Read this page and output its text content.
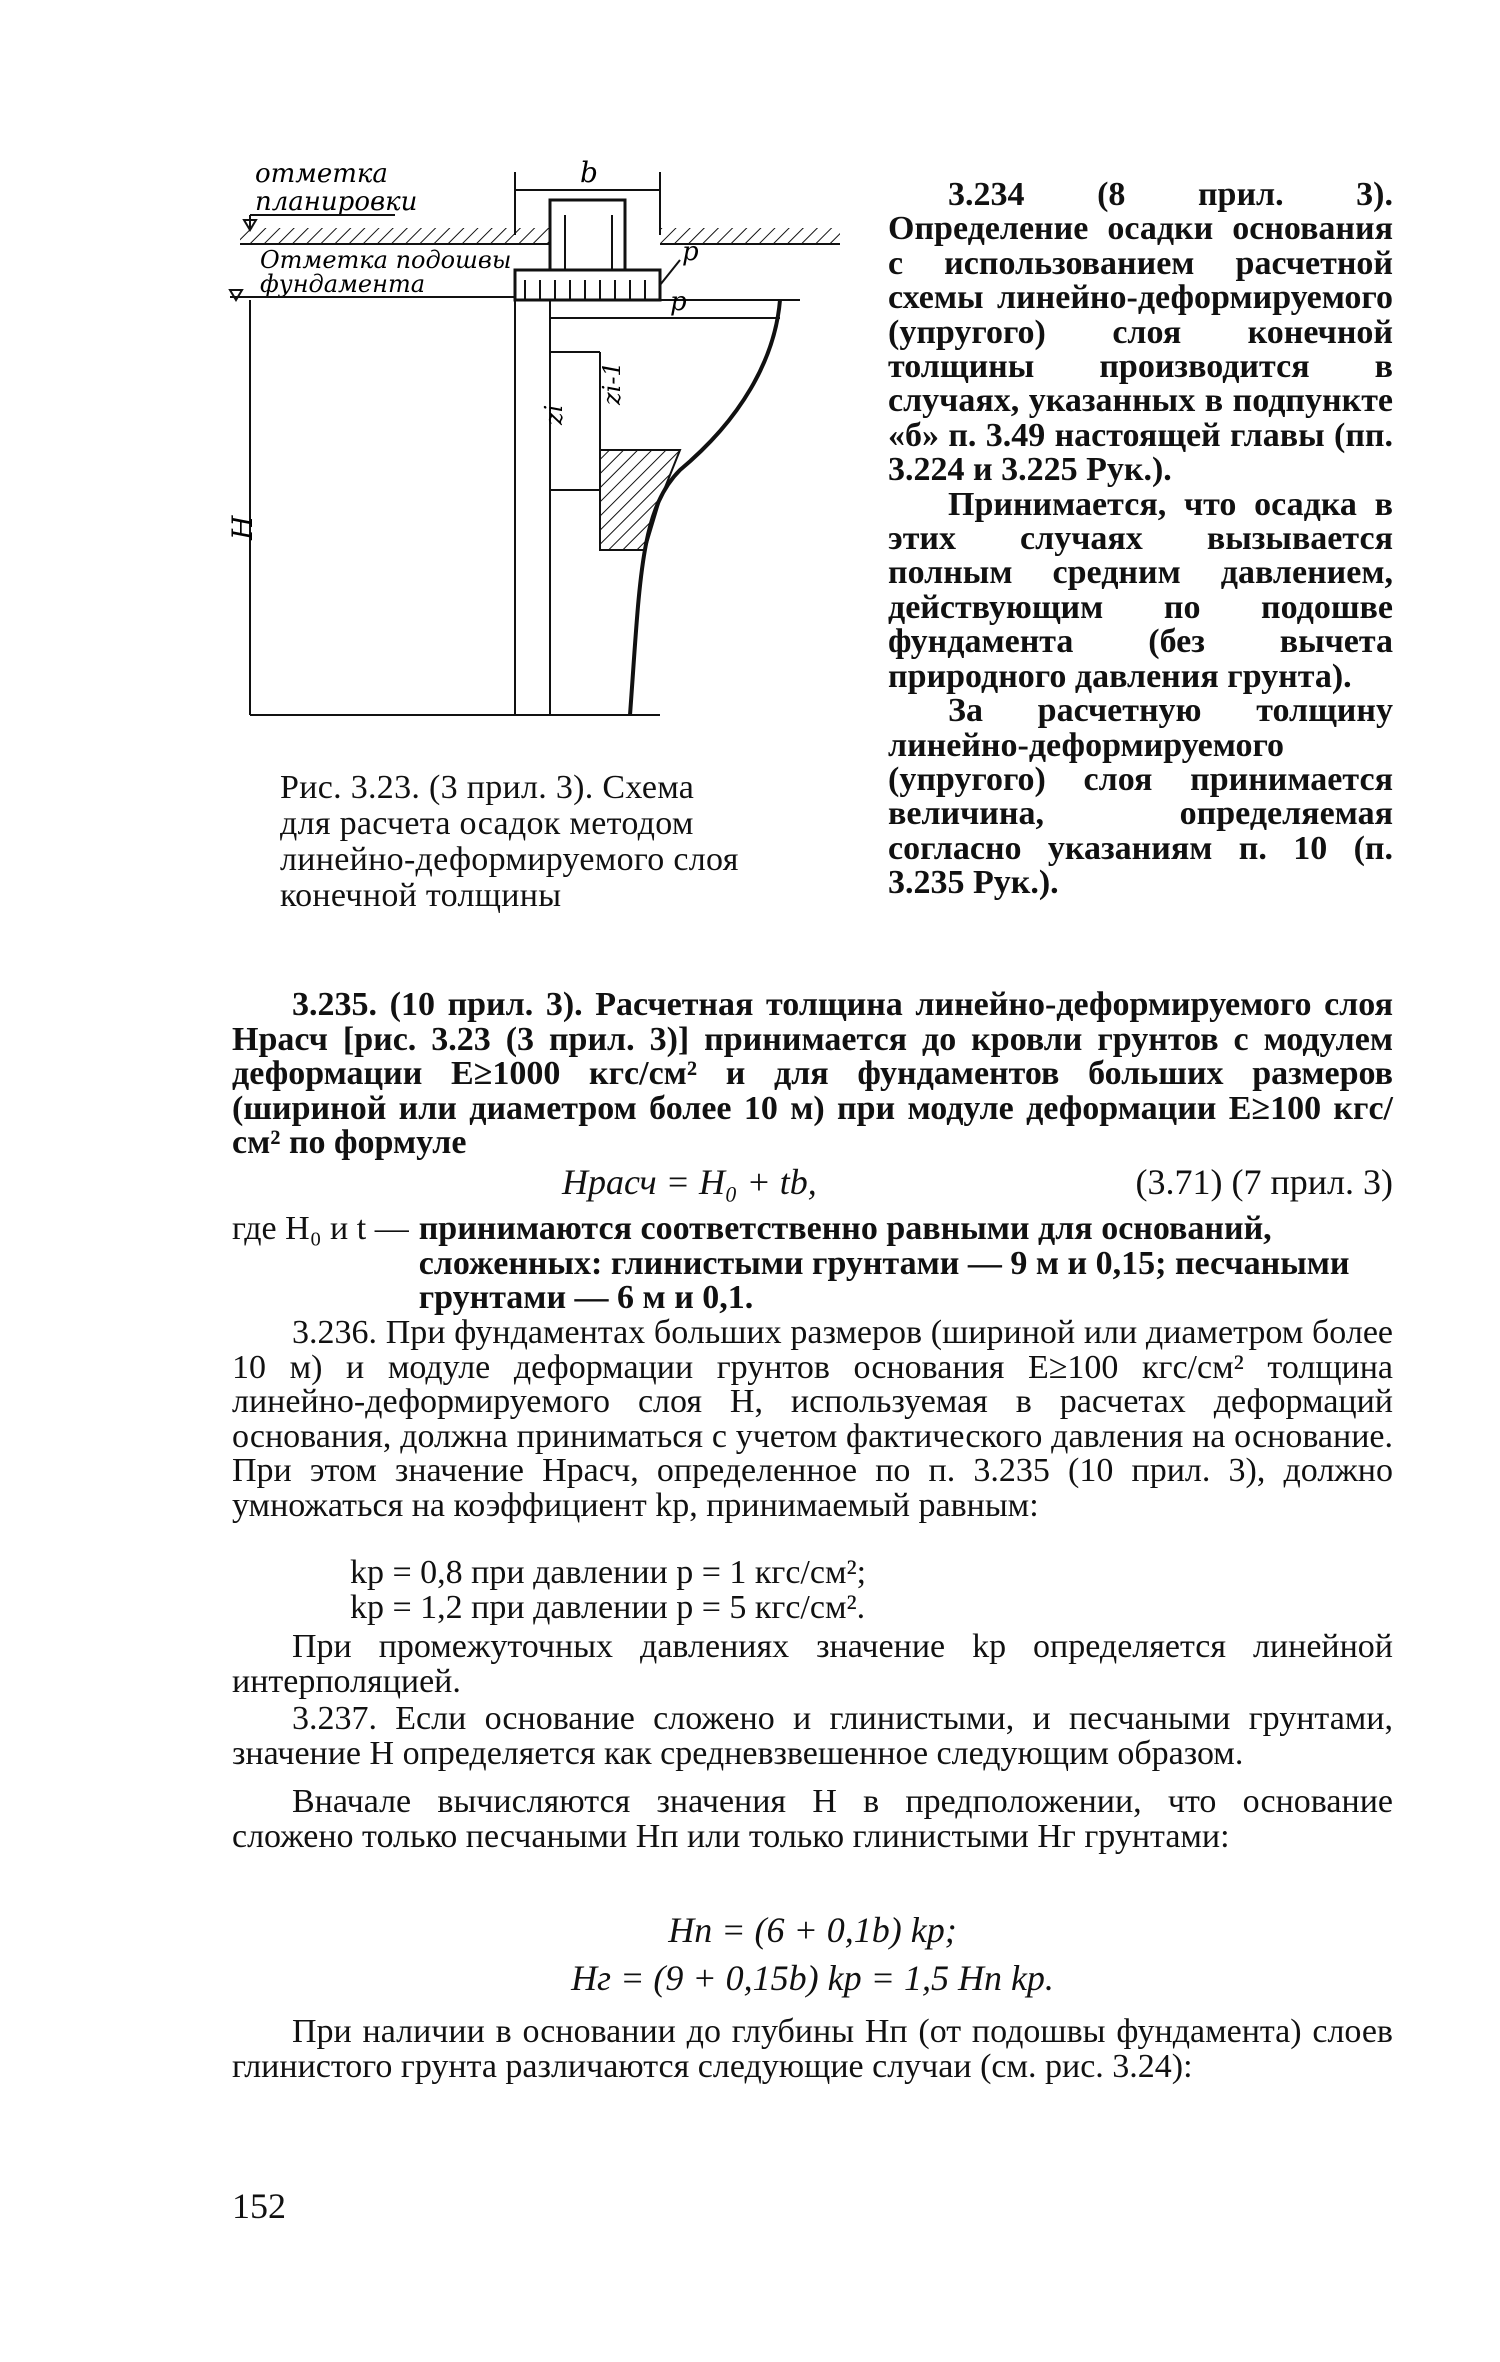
отметка
планировки
Отметка подошвы
фундамента
b
p
H
zi-1
zi
p
Рис. 3.23. (3 прил. 3). Схема
для расчета осадок методом
линейно-деформируемого слоя
конечной толщины

3.234 (8 прил. 3). Определение осадки основания с использованием расчетной схемы линейно-деформируемого (упругого) слоя конечной толщины производится в случаях, указанных в подпункте «б» п. 3.49 настоящей главы (пп. 3.224 и 3.225 Рук.).

Принимается, что осадка в этих случаях вызывается полным средним давлением, действующим по подошве фундамента (без вычета природного давления грунта).

За расчетную толщину линейно-деформируемого (упругого) слоя принимается величина, определяемая согласно указаниям п. 10 (п. 3.235 Рук.).

3.235. (10 прил. 3). Расчетная толщина линейно-деформируемого слоя Hрасч [рис. 3.23 (3 прил. 3)] принимается до кровли грунтов с модулем деформации E≥1000 кгс/см² и для фундаментов больших размеров (шириной или диаметром более 10 м) при модуле деформации E≥100 кгс/см² по формуле

Hрасч = H₀ + tb,	(3.71) (7 прил. 3)
где H₀ и t — принимаются соответственно равными для оснований, сложенных: глинистыми грунтами — 9 м и 0,15; песчаными грунтами — 6 м и 0,1.

3.236. При фундаментах больших размеров (шириной или диаметром более 10 м) и модуле деформации грунтов основания E≥100 кгс/см² толщина линейно-деформируемого слоя H, используемая в расчетах деформаций основания, должна приниматься с учетом фактического давления на основание. При этом значение Hрасч, определенное по п. 3.235 (10 прил. 3), должно умножаться на коэффициент kp, принимаемый равным:

kp = 0,8 при давлении p = 1 кгс/см²;
kp = 1,2 при давлении p = 5 кгс/см².

При промежуточных давлениях значение kp определяется линейной интерполяцией.

3.237. Если основание сложено и глинистыми, и песчаными грунтами, значение H определяется как средневзвешенное следующим образом.

Вначале вычисляются значения H в предположении, что основание сложено только песчаными Hп или только глинистыми Hг грунтами:

Hп = (6 + 0,1b) kp;
Hг = (9 + 0,15b) kp = 1,5 Hп kp.

При наличии в основании до глубины Hп (от подошвы фундамента) слоев глинистого грунта различаются следующие случаи (см. рис. 3.24):

152
